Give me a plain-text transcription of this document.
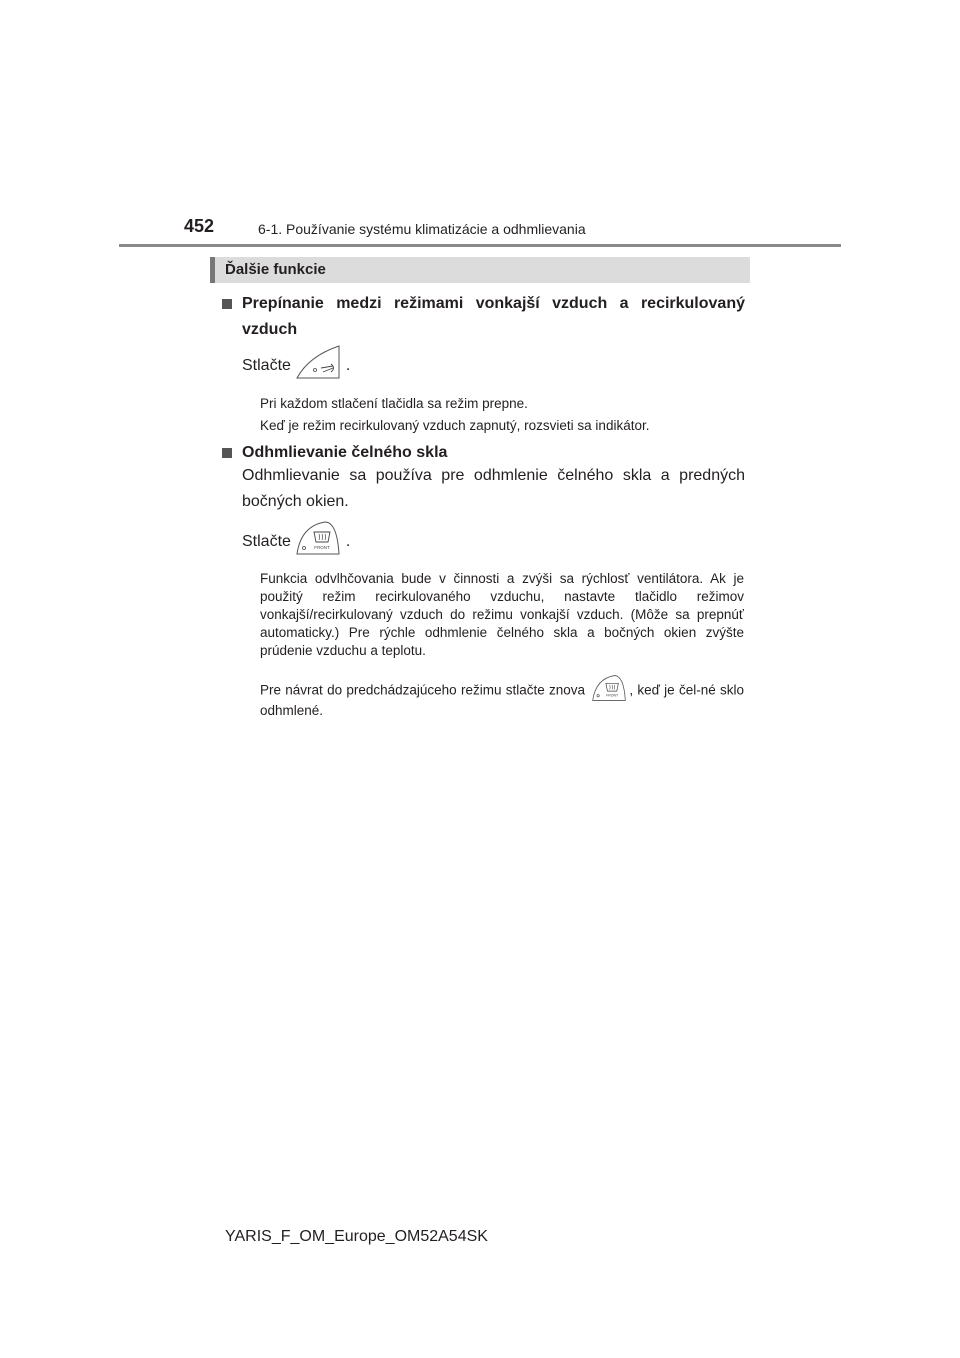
452	6-1. Používanie systému klimatizácie a odhmlievania
Ďalšie funkcie
Prepínanie medzi režimami vonkajší vzduch a recirkulovaný vzduch
Stlačte	.
Pri každom stlačení tlačidla sa režim prepne.
Keď je režim recirkulovaný vzduch zapnutý, rozsvieti sa indikátor.
Odhmlievanie čelného skla
Odhmlievanie sa používa pre odhmlenie čelného skla a predných bočných okien.
Stlačte	FRONT .
Funkcia odvlhčovania bude v činnosti a zvýši sa rýchlosť ventilátora. Ak je použitý režim recirkulovaného vzduchu, nastavte tlačidlo režimov vonkajší/recirkulovaný vzduch do režimu vonkajší vzduch. (Môže sa prepnúť automaticky.) Pre rýchle odhmlenie čelného skla a bočných okien zvýšte prúdenie vzduchu a teplotu.
Pre návrat do predchádzajúceho režimu stlačte znova	FRONT , keď je čel-né sklo odhmlené.
YARIS_F_OM_Europe_OM52A54SK
